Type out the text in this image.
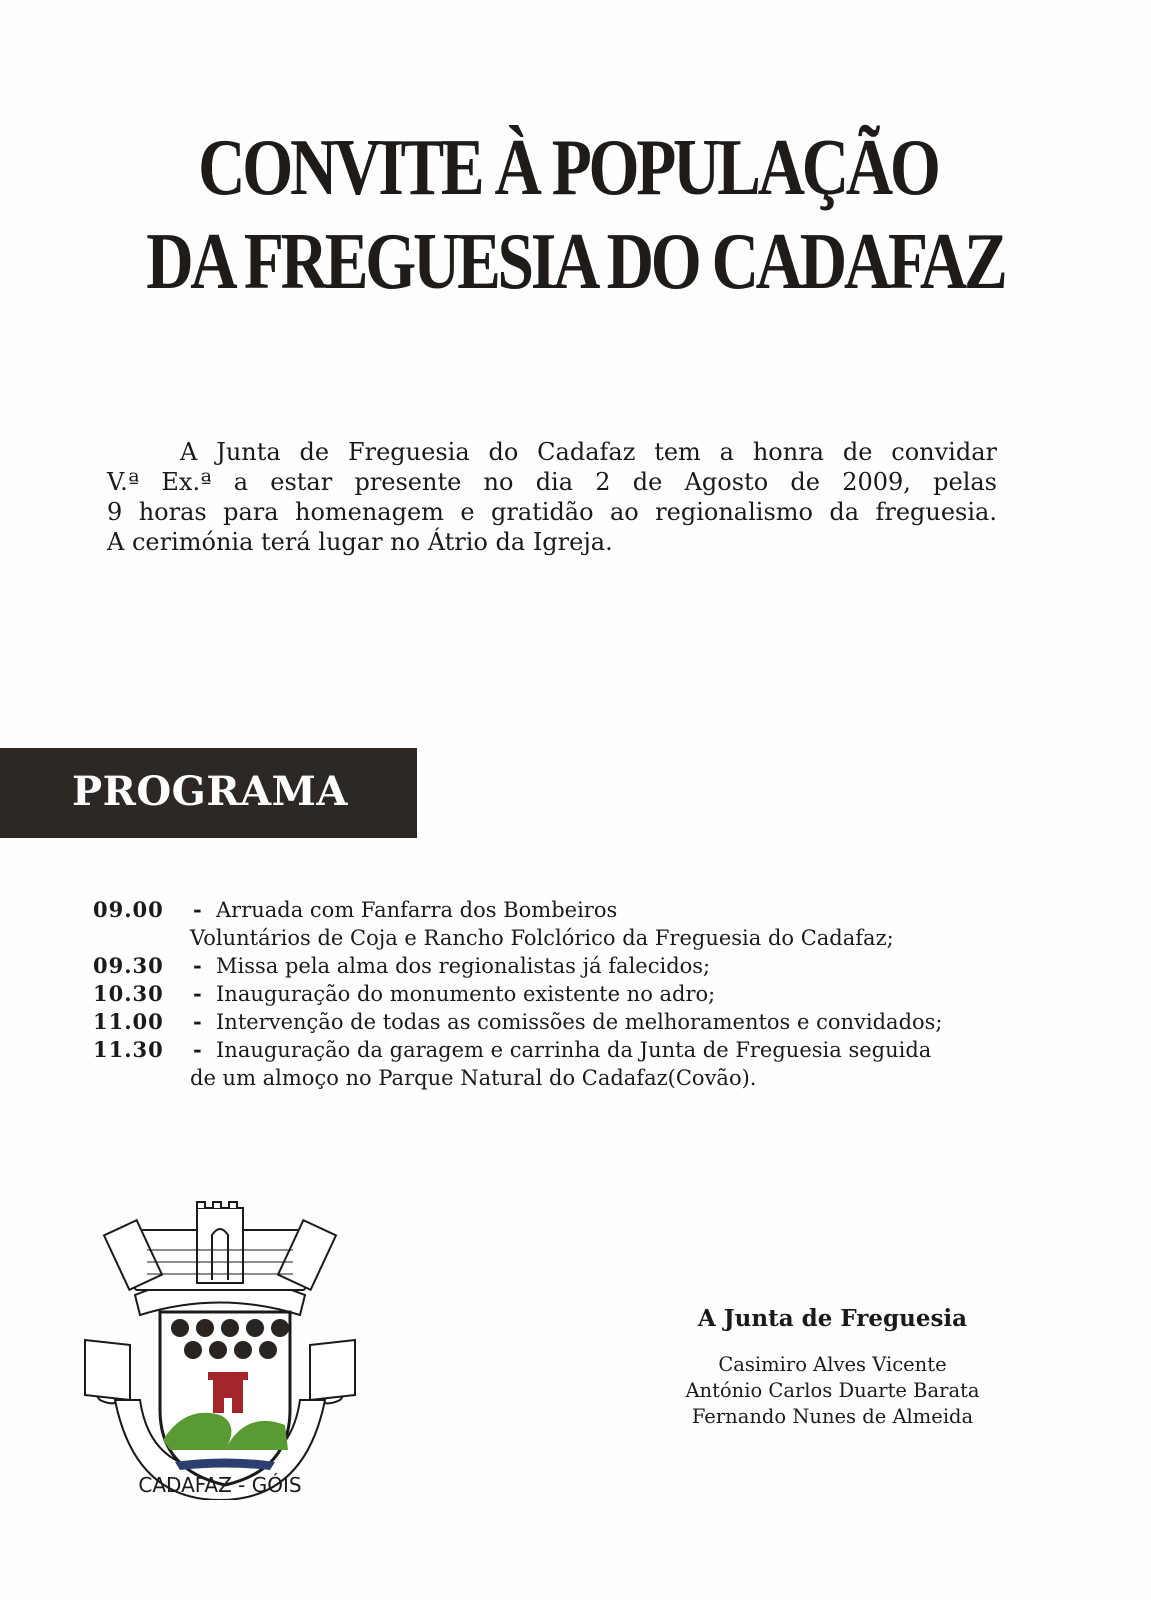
CONVITE À POPULAÇÃO
DA FREGUESIA DO CADAFAZ
A Junta de Freguesia do Cadafaz tem a honra de convidar
V.ª Ex.ª a estar presente no dia 2 de Agosto de 2009, pelas
9 horas para homenagem e gratidão ao regionalismo da freguesia.
A cerimónia terá lugar no Átrio da Igreja.
PROGRAMA
09.00	- Arruada com Fanfarra dos Bombeiros
Voluntários de Coja e Rancho Folclórico da Freguesia do Cadafaz;
09.30	- Missa pela alma dos regionalistas já falecidos;
10.30	- Inauguração do monumento existente no adro;
11.00	- Intervenção de todas as comissões de melhoramentos e convidados;
11.30	- Inauguração da garagem e carrinha da Junta de Freguesia seguida
de um almoço no Parque Natural do Cadafaz(Covão).
CADAFAZ - GÓIS
A Junta de Freguesia
Casimiro Alves Vicente
António Carlos Duarte Barata
Fernando Nunes de Almeida
